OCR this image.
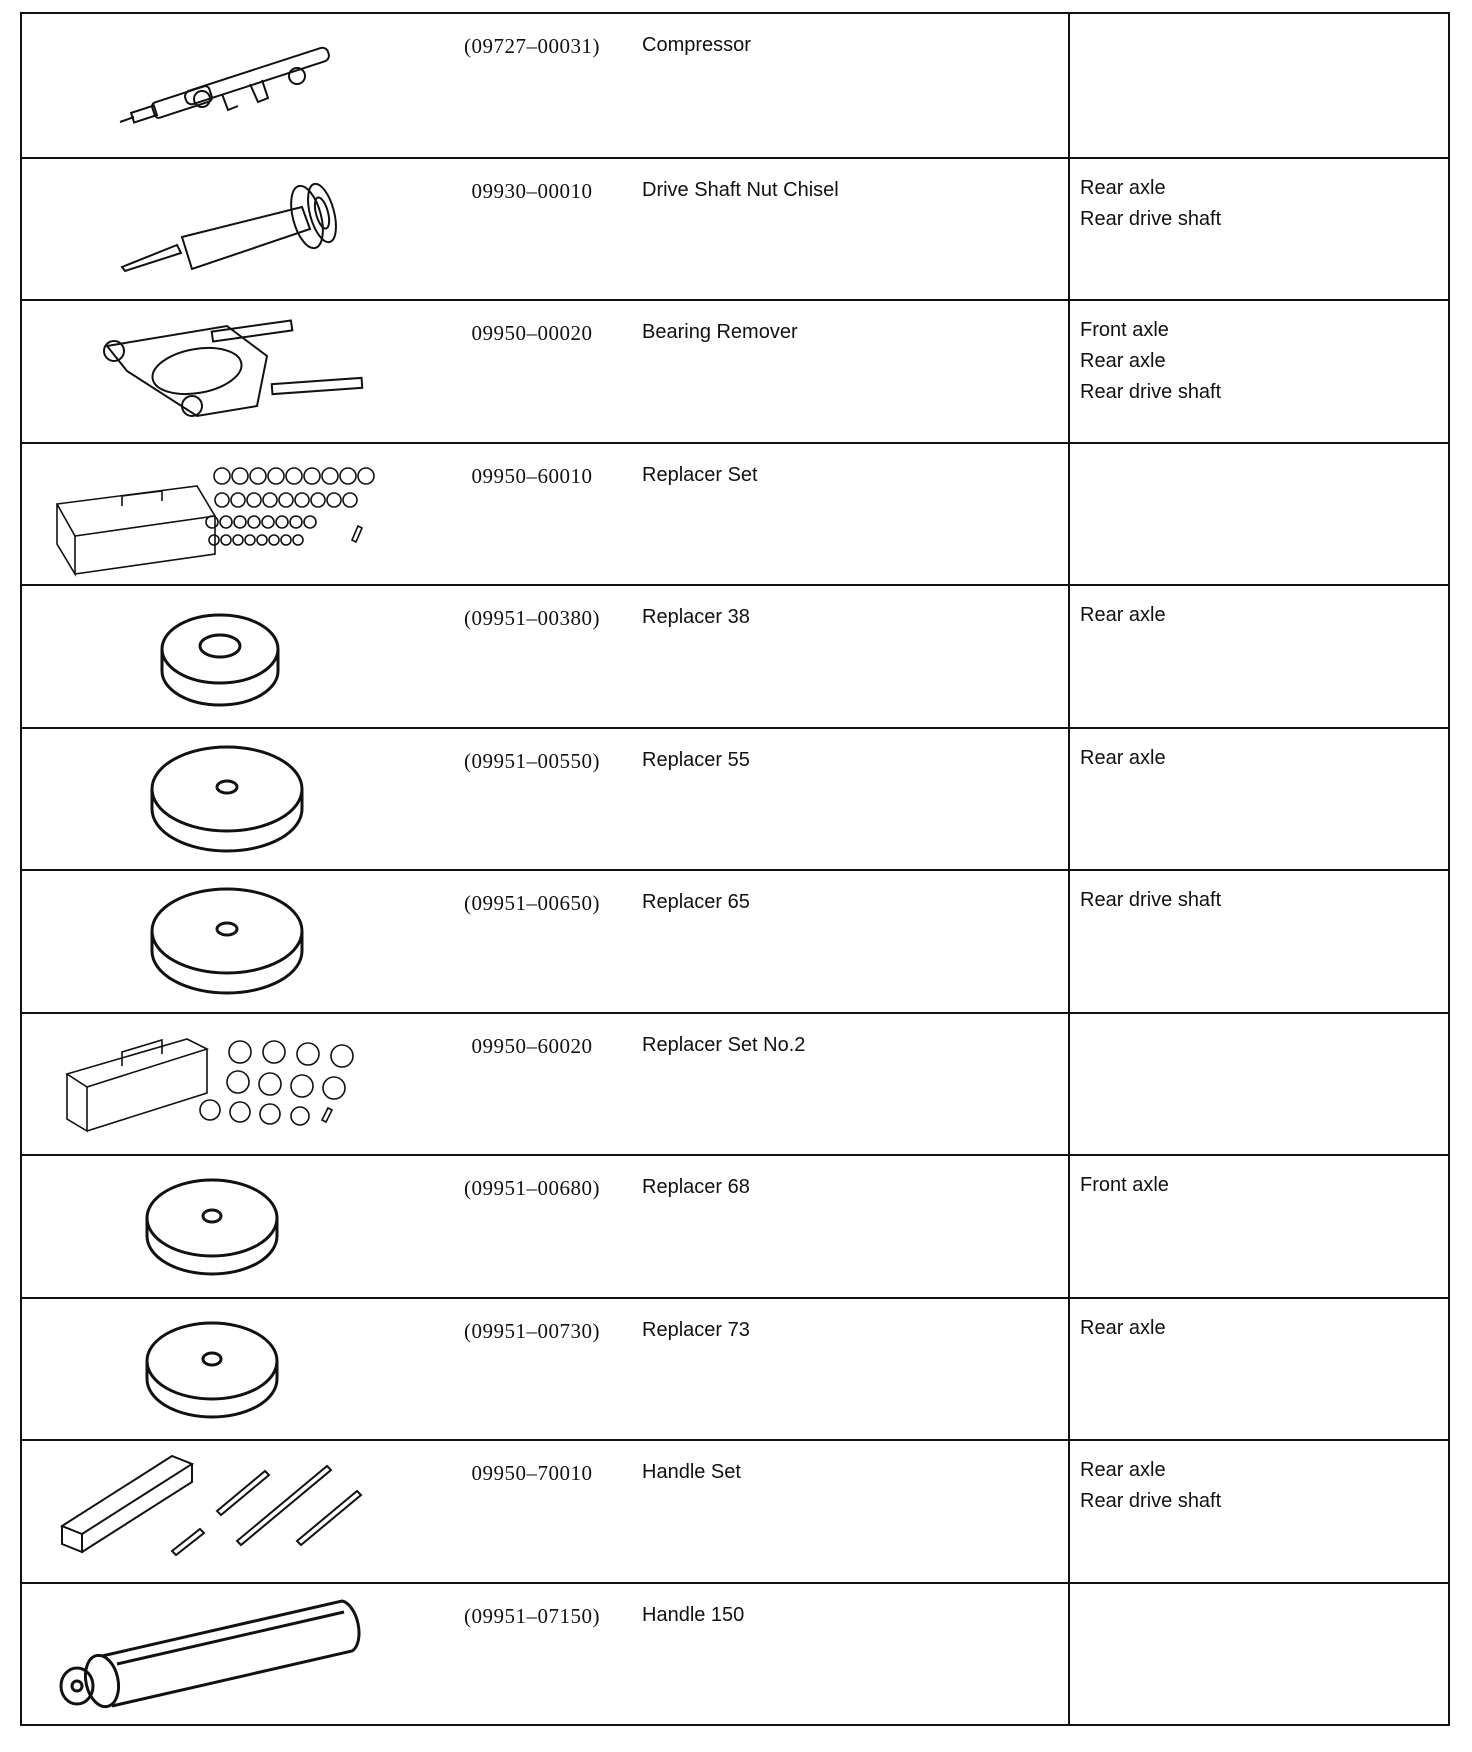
(09727–00031)	Compressor
09930–00010	Drive Shaft Nut Chisel	Rear axle
Rear drive shaft
09950–00020	Bearing Remover	Front axle
Rear axle
Rear drive shaft
09950–60010	Replacer Set
(09951–00380)	Replacer 38	Rear axle
(09951–00550)	Replacer 55	Rear axle
(09951–00650)	Replacer 65	Rear drive shaft
09950–60020	Replacer Set No.2
(09951–00680)	Replacer 68	Front axle
(09951–00730)	Replacer 73	Rear axle
09950–70010	Handle Set	Rear axle
Rear drive shaft
(09951–07150)	Handle 150
